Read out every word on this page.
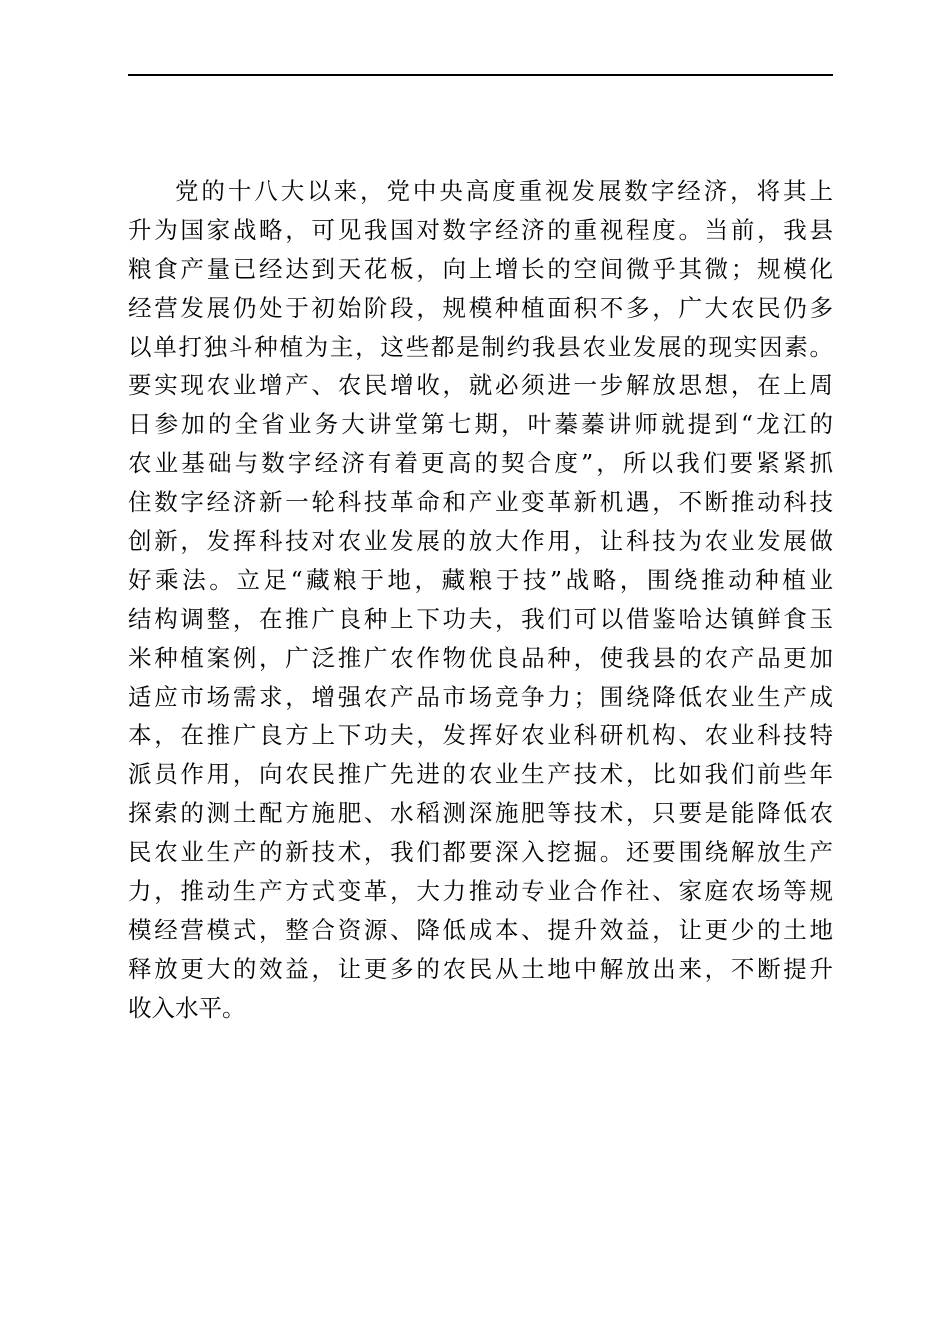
党的十八大以来，党中央高度重视发展数字经济，将其上
升为国家战略，可见我国对数字经济的重视程度。当前，我县
粮食产量已经达到天花板，向上增长的空间微乎其微；规模化
经营发展仍处于初始阶段，规模种植面积不多，广大农民仍多
以单打独斗种植为主，这些都是制约我县农业发展的现实因素。
要实现农业增产、农民增收，就必须进一步解放思想，在上周
日参加的全省业务大讲堂第七期，叶蓁蓁讲师就提到“龙江的
农业基础与数字经济有着更高的契合度”，所以我们要紧紧抓
住数字经济新一轮科技革命和产业变革新机遇，不断推动科技
创新，发挥科技对农业发展的放大作用，让科技为农业发展做
好乘法。立足“藏粮于地，藏粮于技”战略，围绕推动种植业
结构调整，在推广良种上下功夫，我们可以借鉴哈达镇鲜食玉
米种植案例，广泛推广农作物优良品种，使我县的农产品更加
适应市场需求，增强农产品市场竞争力；围绕降低农业生产成
本，在推广良方上下功夫，发挥好农业科研机构、农业科技特
派员作用，向农民推广先进的农业生产技术，比如我们前些年
探索的测土配方施肥、水稻测深施肥等技术，只要是能降低农
民农业生产的新技术，我们都要深入挖掘。还要围绕解放生产
力，推动生产方式变革，大力推动专业合作社、家庭农场等规
模经营模式，整合资源、降低成本、提升效益，让更少的土地
释放更大的效益，让更多的农民从土地中解放出来，不断提升
收入水平。
